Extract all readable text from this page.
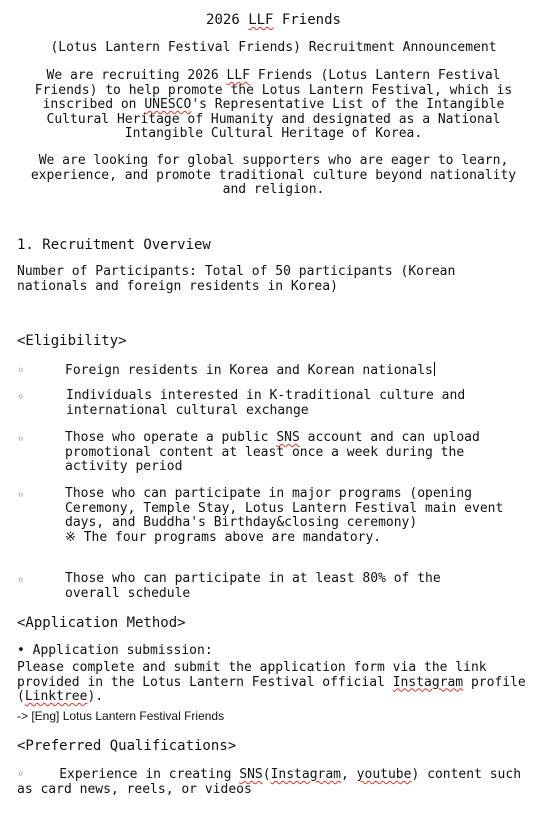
2026 LLF Friends
(Lotus Lantern Festival Friends) Recruitment Announcement
We are recruiting 2026 LLF Friends (Lotus Lantern Festival Friends) to help promote the Lotus Lantern Festival, which is inscribed on UNESCO's Representative List of the Intangible Cultural Heritage of Humanity and designated as a National Intangible Cultural Heritage of Korea.
We are looking for global supporters who are eager to learn, experience, and promote traditional culture beyond nationality and religion.
1. Recruitment Overview
Number of Participants: Total of 50 participants (Korean nationals and foreign residents in Korea)
<Eligibility>
◦	Foreign residents in Korea and Korean nationals
◦	Individuals interested in K-traditional culture and international cultural exchange
◦	Those who operate a public SNS account and can upload promotional content at least once a week during the activity period
◦	Those who can participate in major programs (opening Ceremony, Temple Stay, Lotus Lantern Festival main event days, and Buddha's Birthday&closing ceremony)
※ The four programs above are mandatory.
◦	Those who can participate in at least 80% of the overall schedule
<Application Method>
• Application submission:
Please complete and submit the application form via the link provided in the Lotus Lantern Festival official Instagram profile (Linktree).
-> [Eng] Lotus Lantern Festival Friends
<Preferred Qualifications>
◦	Experience in creating SNS(Instagram, youtube) content such as card news, reels, or videos
